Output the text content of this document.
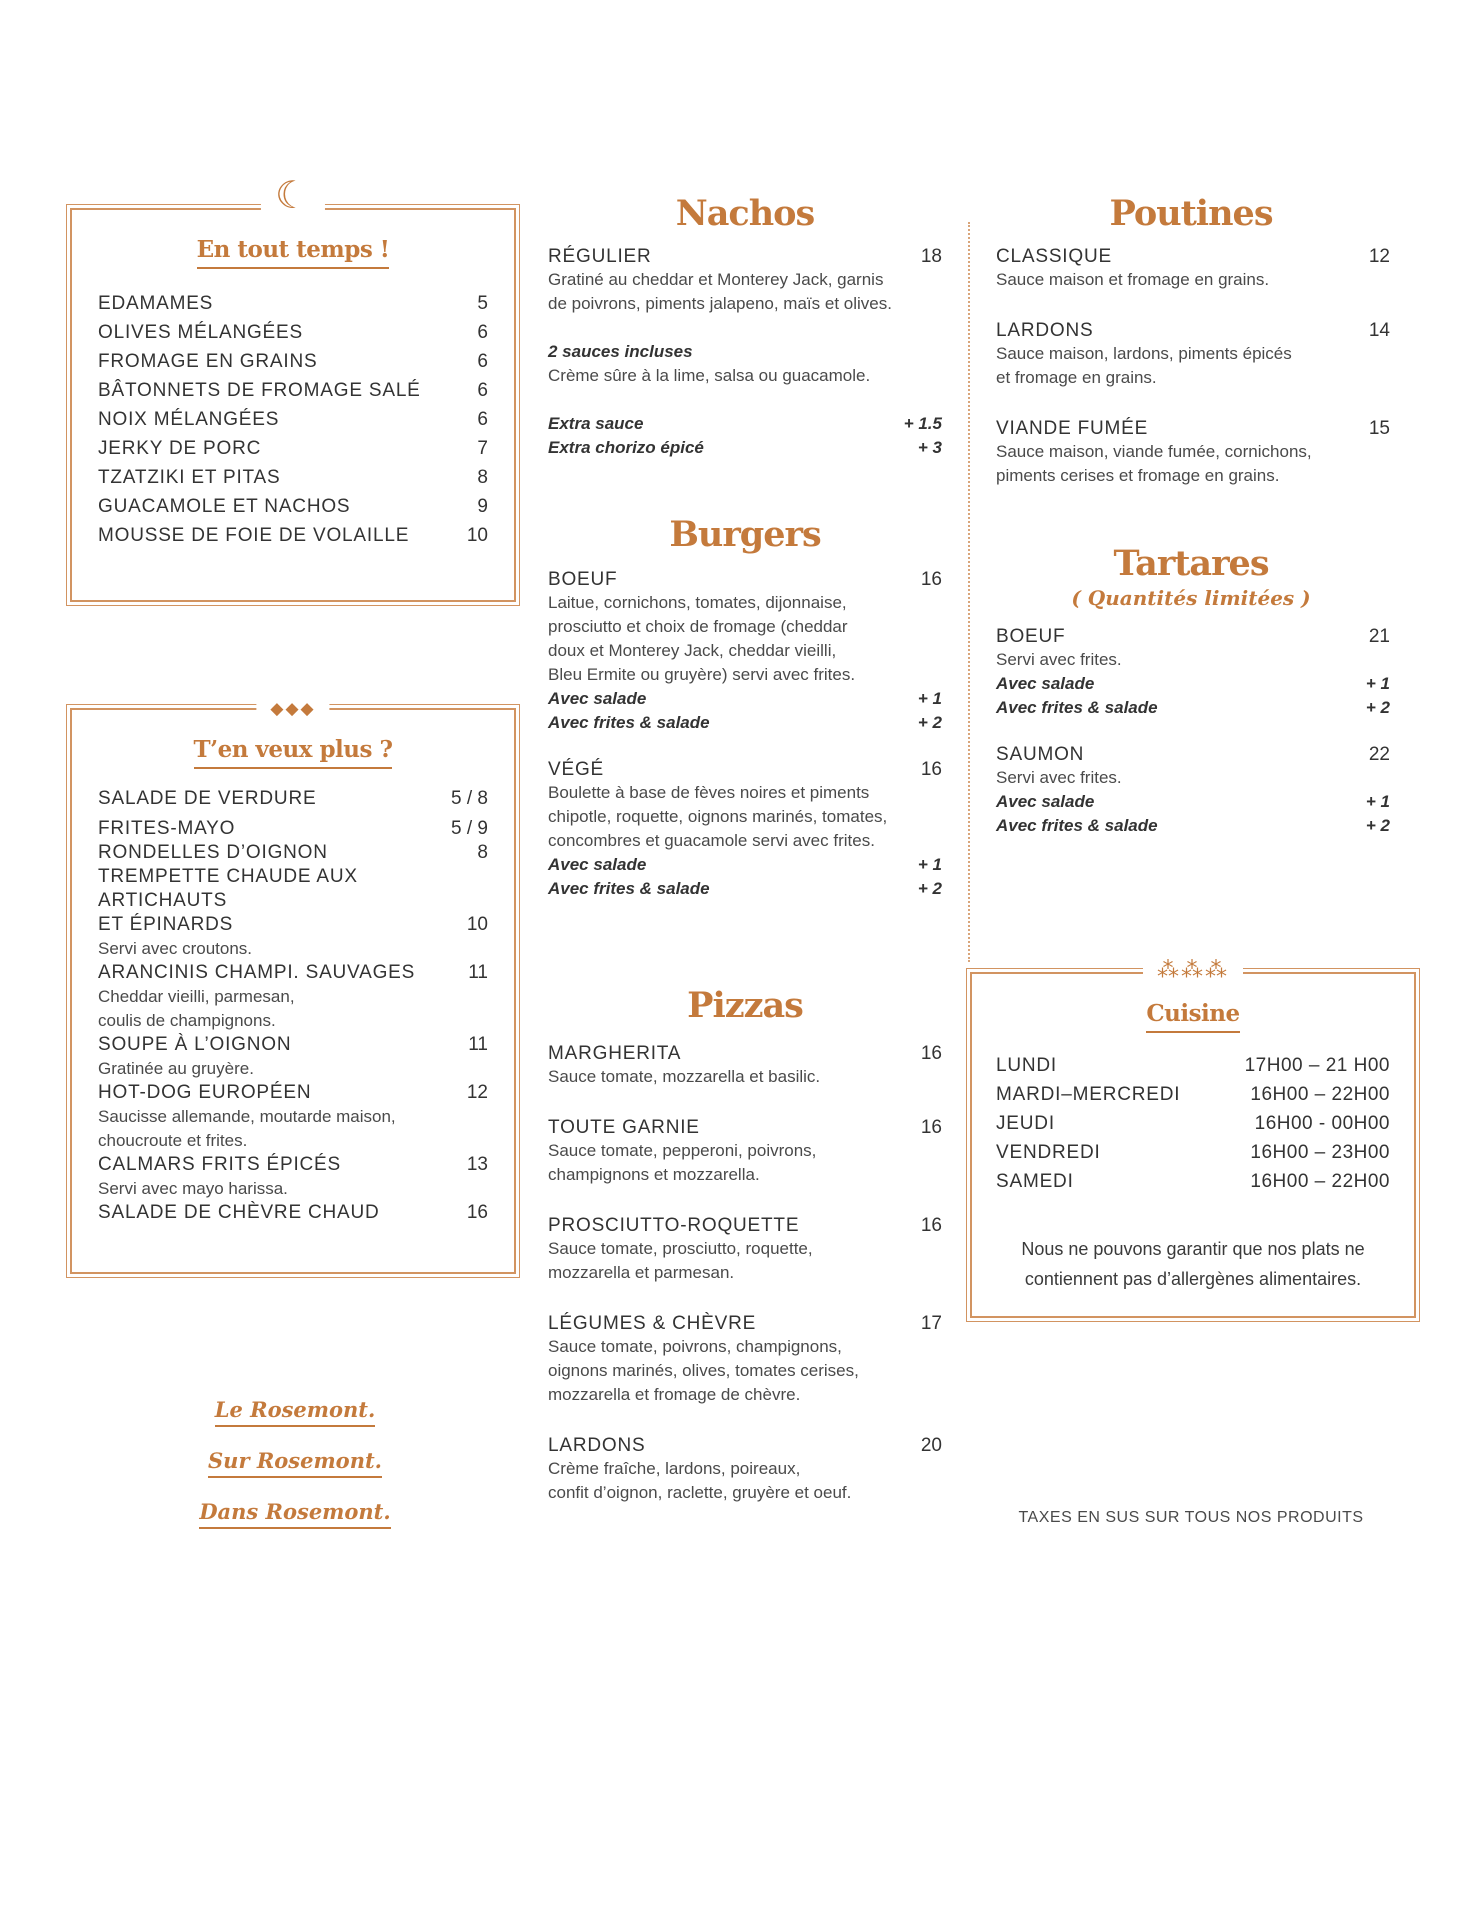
☾
En tout temps !
EDAMAMES	5
OLIVES MÉLANGÉES	6
FROMAGE EN GRAINS	6
BÂTONNETS DE FROMAGE SALÉ	6
NOIX MÉLANGÉES	6
JERKY DE PORC	7
TZATZIKI ET PITAS	8
GUACAMOLE ET NACHOS	9
MOUSSE DE FOIE DE VOLAILLE	10
◆◆◆
T’en veux plus ?
SALADE DE VERDURE	5 / 8
FRITES-MAYO	5 / 9
RONDELLES D’OIGNON	8
TREMPETTE CHAUDE AUX ARTICHAUTS
ET ÉPINARDS	10
Servi avec croutons.
ARANCINIS CHAMPI. SAUVAGES	11
Cheddar vieilli, parmesan,
coulis de champignons.
SOUPE À L’OIGNON	11
Gratinée au gruyère.
HOT-DOG EUROPÉEN	12
Saucisse allemande, moutarde maison,
choucroute et frites.
CALMARS FRITS ÉPICÉS	13
Servi avec mayo harissa.
SALADE DE CHÈVRE CHAUD	16
Le Rosemont.
Sur Rosemont.
Dans Rosemont.
Nachos
RÉGULIER	18
Gratiné au cheddar et Monterey Jack, garnis
de poivrons, piments jalapeno, maïs et olives.
2 sauces incluses
Crème sûre à la lime, salsa ou guacamole.
Extra sauce	+ 1.5
Extra chorizo épicé	+ 3
Burgers
BOEUF	16
Laitue, cornichons, tomates, dijonnaise,
prosciutto et choix de fromage (cheddar
doux et Monterey Jack, cheddar vieilli,
Bleu Ermite ou gruyère) servi avec frites.
Avec salade	+ 1
Avec frites & salade	+ 2
VÉGÉ	16
Boulette à base de fèves noires et piments
chipotle, roquette, oignons marinés, tomates,
concombres et guacamole servi avec frites.
Avec salade	+ 1
Avec frites & salade	+ 2
Pizzas
MARGHERITA	16
Sauce tomate, mozzarella et basilic.
TOUTE GARNIE	16
Sauce tomate, pepperoni, poivrons,
champignons et mozzarella.
PROSCIUTTO-ROQUETTE	16
Sauce tomate, prosciutto, roquette,
mozzarella et parmesan.
LÉGUMES & CHÈVRE	17
Sauce tomate, poivrons, champignons,
oignons marinés, olives, tomates cerises,
mozzarella et fromage de chèvre.
LARDONS	20
Crème fraîche, lardons, poireaux,
confit d’oignon, raclette, gruyère et oeuf.
Poutines
CLASSIQUE	12
Sauce maison et fromage en grains.
LARDONS	14
Sauce maison, lardons, piments épicés
et fromage en grains.
VIANDE FUMÉE	15
Sauce maison, viande fumée, cornichons,
piments cerises et fromage en grains.
Tartares
( Quantités limitées )
BOEUF	21
Servi avec frites.
Avec salade	+ 1
Avec frites & salade	+ 2
SAUMON	22
Servi avec frites.
Avec salade	+ 1
Avec frites & salade	+ 2
⁂⁂⁂
Cuisine
LUNDI	17H00 – 21 H00
MARDI–MERCREDI	16H00 – 22H00
JEUDI	16H00 - 00H00
VENDREDI	16H00 – 23H00
SAMEDI	16H00 – 22H00
Nous ne pouvons garantir que nos plats ne
contiennent pas d’allergènes alimentaires.
TAXES EN SUS SUR TOUS NOS PRODUITS
